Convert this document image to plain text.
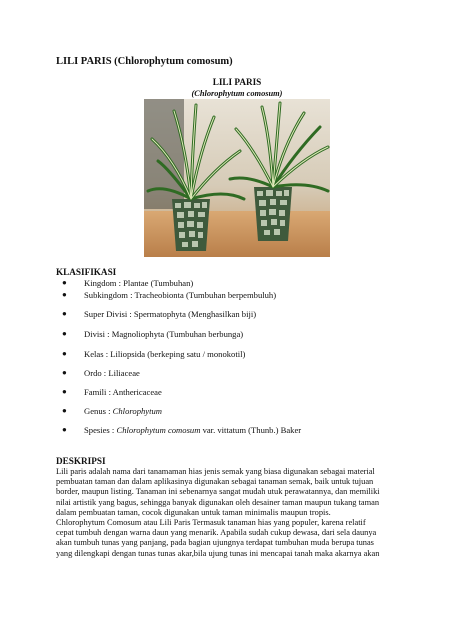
LILI PARIS (Chlorophytum comosum)
LILI PARIS
(Chlorophytum comosum)
KLASIFIKASI
● Kingdom : Plantae (Tumbuhan)
● Subkingdom : Tracheobionta (Tumbuhan berpembuluh)
● Super Divisi : Spermatophyta (Menghasilkan biji)
● Divisi : Magnoliophyta (Tumbuhan berbunga)
● Kelas : Liliopsida (berkeping satu / monokotil)
● Ordo : Liliaceae
● Famili : Anthericaceae
● Genus : Chlorophytum
● Spesies : Chlorophytum comosum var. vittatum (Thunb.) Baker
DESKRIPSI

Lili paris adalah nama dari tanamaman hias jenis semak yang biasa digunakan sebagai material
pembuatan taman dan dalam aplikasinya digunakan sebagai tanaman semak, baik untuk tujuan
border, maupun listing. Tanaman ini sebenarnya sangat mudah utuk perawatannya, dan memiliki
nilai artistik yang bagus, sehingga banyak digunakan oleh desainer taman maupun tukang taman
dalam pembuatan taman, cocok digunakan untuk taman minimalis maupun tropis.
Chlorophytum Comosum atau Lili Paris Termasuk tanaman hias yang populer, karena relatif
cepat tumbuh dengan warna daun yang menarik. Apabila sudah cukup dewasa, dari sela daunya
akan tumbuh tunas yang panjang, pada bagian ujungnya terdapat tumbuhan muda berupa tunas
yang dilengkapi dengan tunas tunas akar,bila ujung tunas ini mencapai tanah maka akarnya akan
